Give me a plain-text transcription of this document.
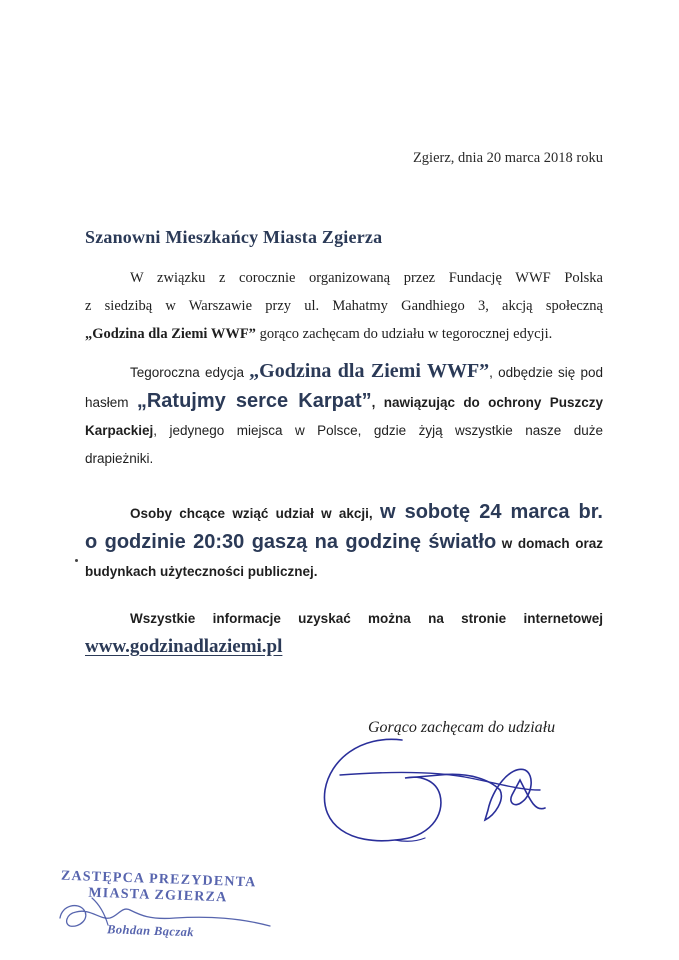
Zgierz, dnia 20 marca 2018 roku
Szanowni Mieszkańcy Miasta Zgierza
W związku z corocznie organizowaną przez Fundację WWF Polska
z siedzibą w Warszawie przy ul. Mahatmy Gandhiego 3, akcją społeczną
„Godzina dla Ziemi WWF” gorąco zachęcam do udziału w tegorocznej edycji.
Tegoroczna edycja „Godzina dla Ziemi WWF”, odbędzie się pod
hasłem „Ratujmy serce Karpat”, nawiązując do ochrony Puszczy
Karpackiej, jedynego miejsca w Polsce, gdzie żyją wszystkie nasze duże
drapieżniki.
Osoby chcące wziąć udział w akcji, w sobotę 24 marca br.
o godzinie 20:30 gaszą na godzinę światło w domach oraz
budynkach użyteczności publicznej.
Wszystkie informacje uzyskać można na stronie internetowej
www.godzinadlaziemi.pl
Gorąco zachęcam do udziału
ZASTĘPCA PREZYDENTA
MIASTA ZGIERZA
Bohdan Bączak
